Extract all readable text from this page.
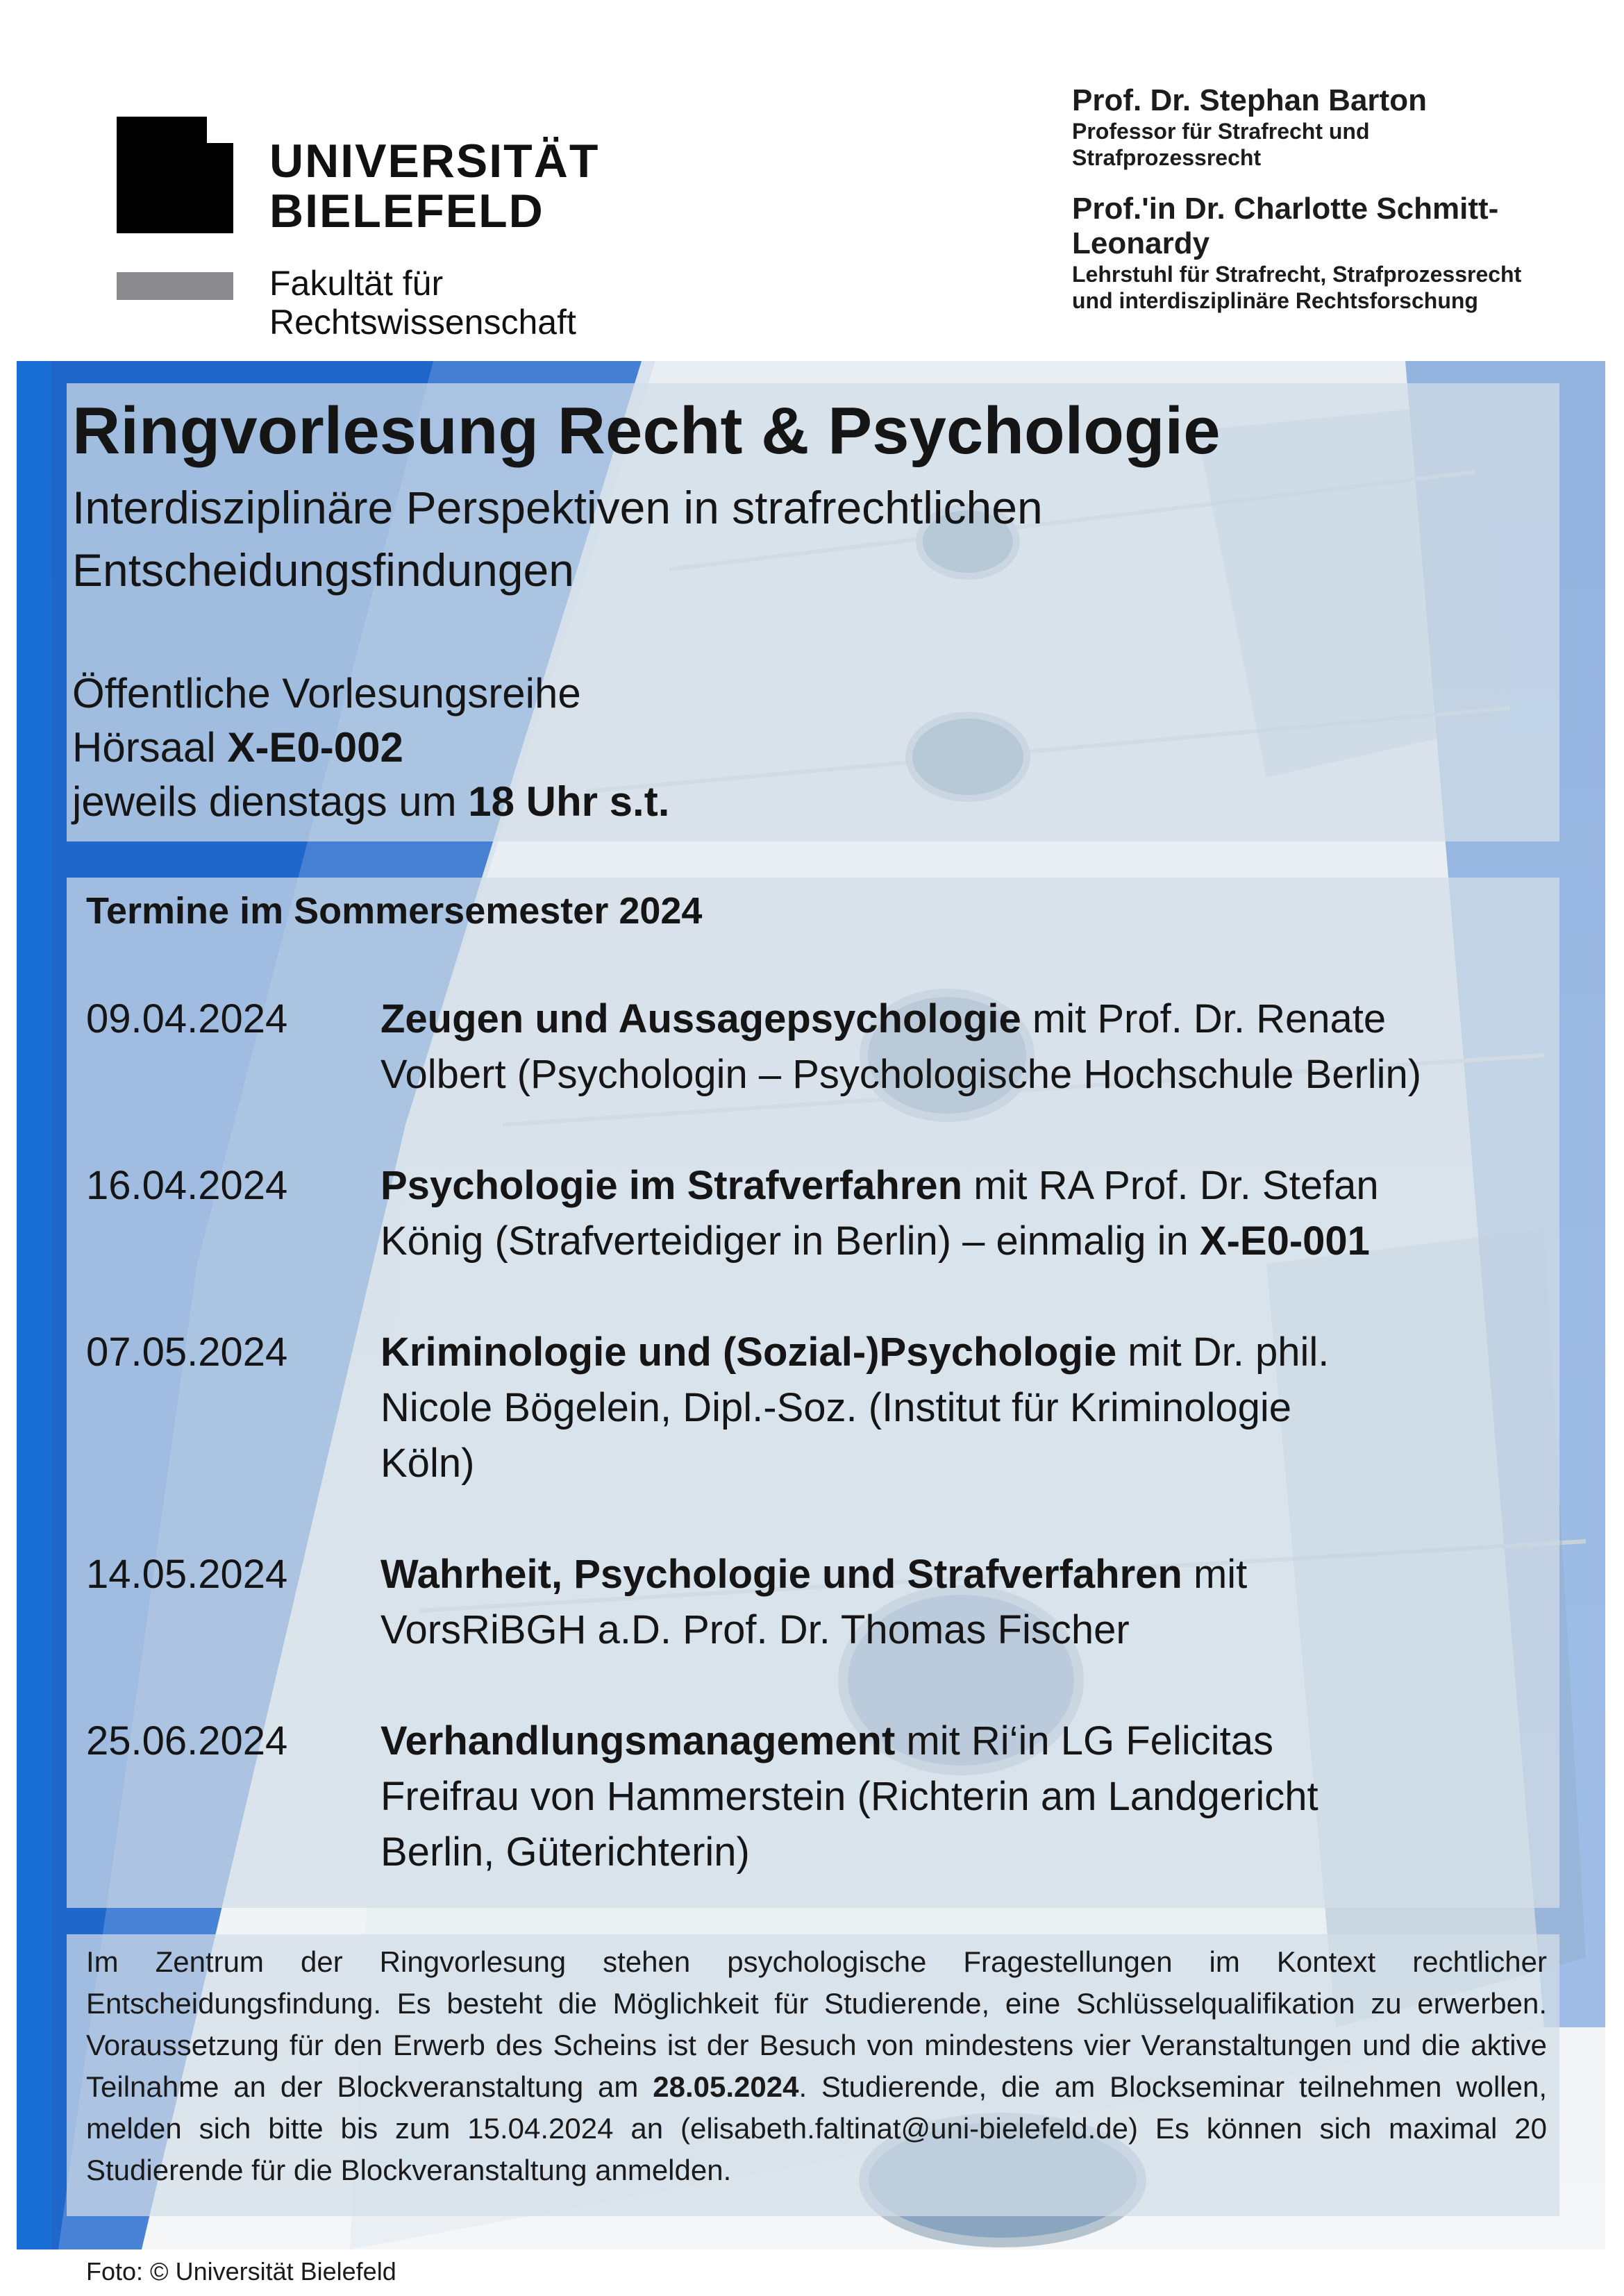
UNIVERSITÄT
BIELEFELD
Fakultät für
Rechtswissenschaft
Prof. Dr. Stephan Barton
Professor für Strafrecht und
Strafprozessrecht
Prof.'in Dr. Charlotte Schmitt-
Leonardy
Lehrstuhl für Strafrecht, Strafprozessrecht
und interdisziplinäre Rechtsforschung
Ringvorlesung Recht & Psychologie
Interdisziplinäre Perspektiven in strafrechtlichen
Entscheidungsfindungen
Öffentliche Vorlesungsreihe
Hörsaal X-E0-002
jeweils dienstags um 18 Uhr s.t.
Termine im Sommersemester 2024
09.04.2024 Zeugen und Aussagepsychologie mit Prof. Dr. Renate
Volbert (Psychologin – Psychologische Hochschule Berlin)
16.04.2024 Psychologie im Strafverfahren mit RA Prof. Dr. Stefan
König (Strafverteidiger in Berlin) – einmalig in X-E0-001
07.05.2024 Kriminologie und (Sozial-)Psychologie mit Dr. phil.
Nicole Bögelein, Dipl.-Soz. (Institut für Kriminologie
Köln)
14.05.2024 Wahrheit, Psychologie und Strafverfahren mit
VorsRiBGH a.D. Prof. Dr. Thomas Fischer
25.06.2024 Verhandlungsmanagement mit Ri‘in LG Felicitas
Freifrau von Hammerstein (Richterin am Landgericht
Berlin, Güterichterin)
Im Zentrum der Ringvorlesung stehen psychologische Fragestellungen im Kontext rechtlicher Entscheidungsfindung. Es besteht die Möglichkeit für Studierende, eine Schlüsselqualifikation zu erwerben. Voraussetzung für den Erwerb des Scheins ist der Besuch von mindestens vier Veranstaltungen und die aktive Teilnahme an der Blockveranstaltung am 28.05.2024. Studierende, die am Blockseminar teilnehmen wollen, melden sich bitte bis zum 15.04.2024 an (elisabeth.faltinat@uni-bielefeld.de) Es können sich maximal 20 Studierende für die Blockveranstaltung anmelden.
Foto: © Universität Bielefeld
